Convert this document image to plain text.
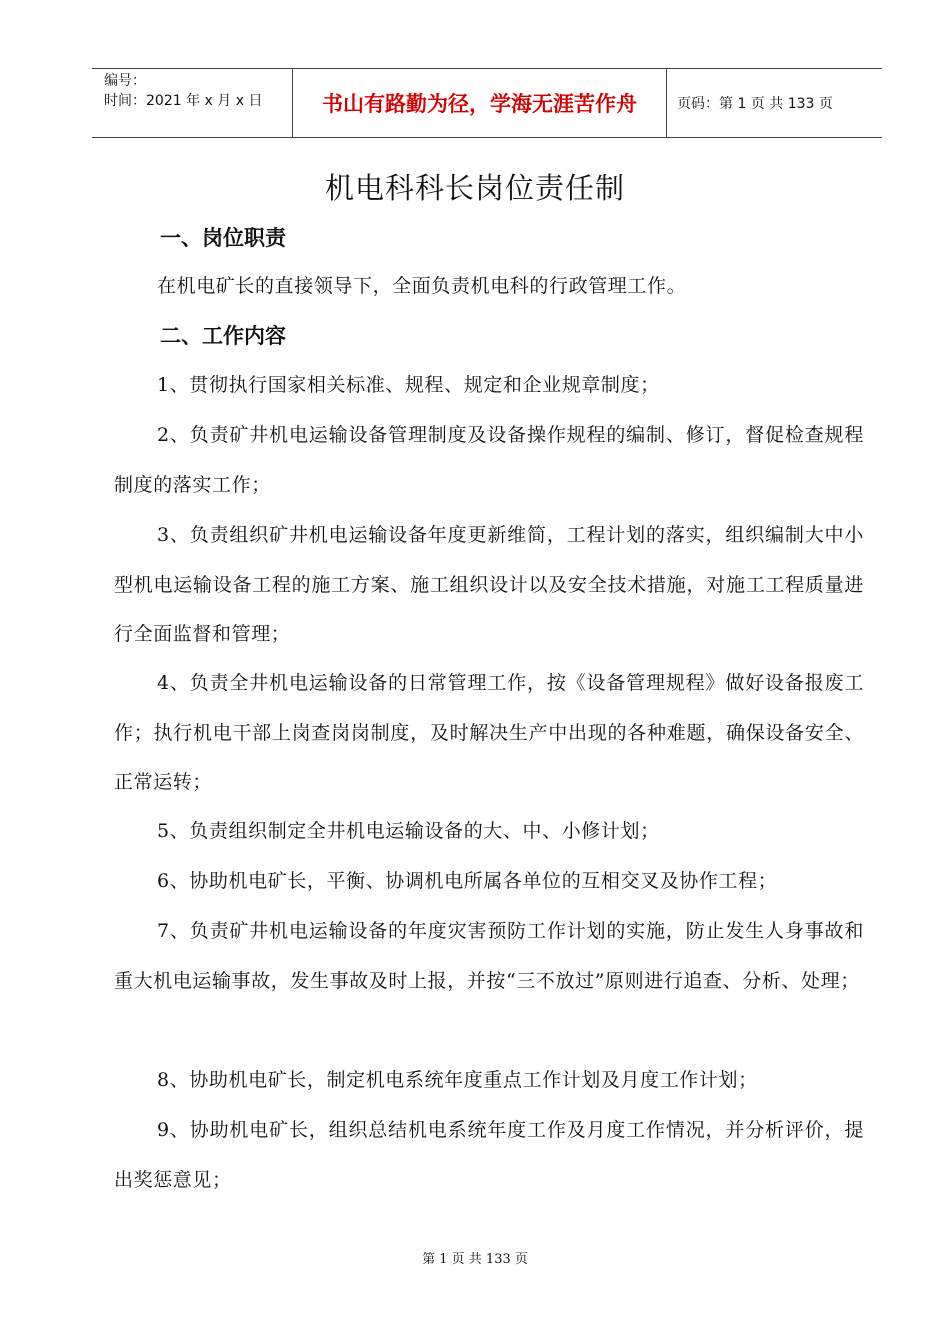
编号：
时间：2021 年 x 月 x 日	书山有路勤为径，学海无涯苦作舟	页码：第 1 页 共 133 页
机电科科长岗位责任制
一、岗位职责

在机电矿长的直接领导下，全面负责机电科的行政管理工作。

二、工作内容

1、贯彻执行国家相关标准、规程、规定和企业规章制度；

2、负责矿井机电运输设备管理制度及设备操作规程的编制、修订，督促检查规程制度的落实工作；

3、负责组织矿井机电运输设备年度更新维简，工程计划的落实，组织编制大中小型机电运输设备工程的施工方案、施工组织设计以及安全技术措施，对施工工程质量进行全面监督和管理；

4、负责全井机电运输设备的日常管理工作，按《设备管理规程》做好设备报废工作；执行机电干部上岗查岗岗制度，及时解决生产中出现的各种难题，确保设备安全、正常运转；

5、负责组织制定全井机电运输设备的大、中、小修计划；

6、协助机电矿长，平衡、协调机电所属各单位的互相交叉及协作工程；

7、负责矿井机电运输设备的年度灾害预防工作计划的实施，防止发生人身事故和重大机电运输事故，发生事故及时上报，并按“三不放过”原则进行追查、分析、处理；

8、协助机电矿长，制定机电系统年度重点工作计划及月度工作计划；

9、协助机电矿长，组织总结机电系统年度工作及月度工作情况，并分析评价，提出奖惩意见；

第 1 页 共 133 页
